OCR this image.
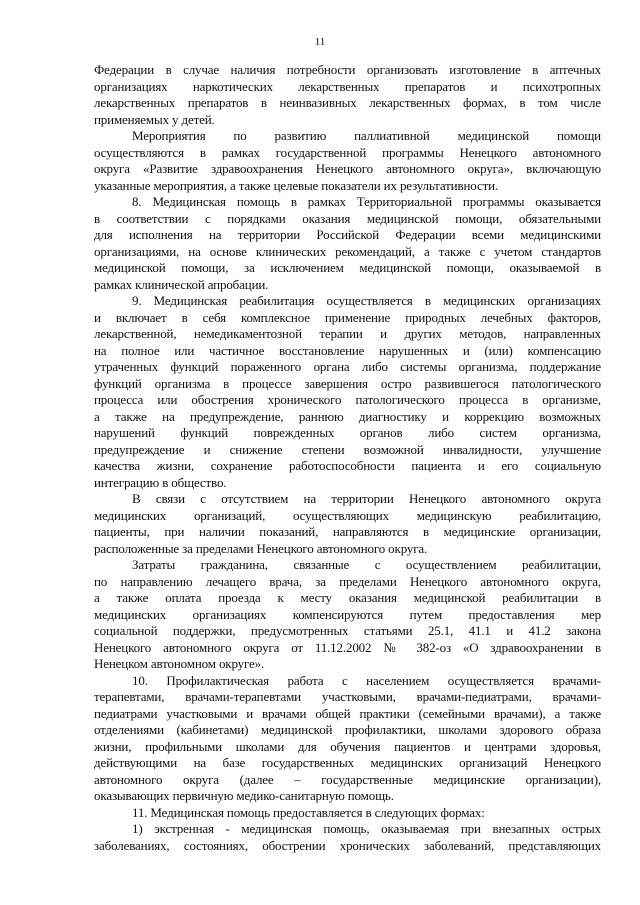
11

Федерации в случае наличия потребности организовать изготовление в аптечных
организациях наркотических лекарственных препаратов и психотропных
лекарственных препаратов в неинвазивных лекарственных формах, в том числе
применяемых у детей.

Мероприятия по развитию паллиативной медицинской помощи
осуществляются в рамках государственной программы Ненецкого автономного
округа «Развитие здравоохранения Ненецкого автономного округа», включающую
указанные мероприятия, а также целевые показатели их результативности.

8. Медицинская помощь в рамках Территориальной программы оказывается
в соответствии с порядками оказания медицинской помощи, обязательными
для исполнения на территории Российской Федерации всеми медицинскими
организациями, на основе клинических рекомендаций, а также с учетом стандартов
медицинской помощи, за исключением медицинской помощи, оказываемой в
рамках клинической апробации.

9. Медицинская реабилитация осуществляется в медицинских организациях
и включает в себя комплексное применение природных лечебных факторов,
лекарственной, немедикаментозной терапии и других методов, направленных
на полное или частичное восстановление нарушенных и (или) компенсацию
утраченных функций пораженного органа либо системы организма, поддержание
функций организма в процессе завершения остро развившегося патологического
процесса или обострения хронического патологического процесса в организме,
а также на предупреждение, раннюю диагностику и коррекцию возможных
нарушений функций поврежденных органов либо систем организма,
предупреждение и снижение степени возможной инвалидности, улучшение
качества жизни, сохранение работоспособности пациента и его социальную
интеграцию в общество.

В связи с отсутствием на территории Ненецкого автономного округа
медицинских организаций, осуществляющих медицинскую реабилитацию,
пациенты, при наличии показаний, направляются в медицинские организации,
расположенные за пределами Ненецкого автономного округа.

Затраты гражданина, связанные с осуществлением реабилитации,
по направлению лечащего врача, за пределами Ненецкого автономного округа,
а также оплата проезда к месту оказания медицинской реабилитации в
медицинских организациях компенсируются путем предоставления мер
социальной поддержки, предусмотренных статьями 25.1, 41.1 и 41.2 закона
Ненецкого автономного округа от 11.12.2002 № 382-оз «О здравоохранении в
Ненецком автономном округе».

10. Профилактическая работа с населением осуществляется врачами-
терапевтами, врачами-терапевтами участковыми, врачами-педиатрами, врачами-
педиатрами участковыми и врачами общей практики (семейными врачами), а также
отделениями (кабинетами) медицинской профилактики, школами здорового образа
жизни, профильными школами для обучения пациентов и центрами здоровья,
действующими на базе государственных медицинских организаций Ненецкого
автономного округа (далее – государственные медицинские организации),
оказывающих первичную медико-санитарную помощь.

11. Медицинская помощь предоставляется в следующих формах:

1) экстренная - медицинская помощь, оказываемая при внезапных острых
заболеваниях, состояниях, обострении хронических заболеваний, представляющих
